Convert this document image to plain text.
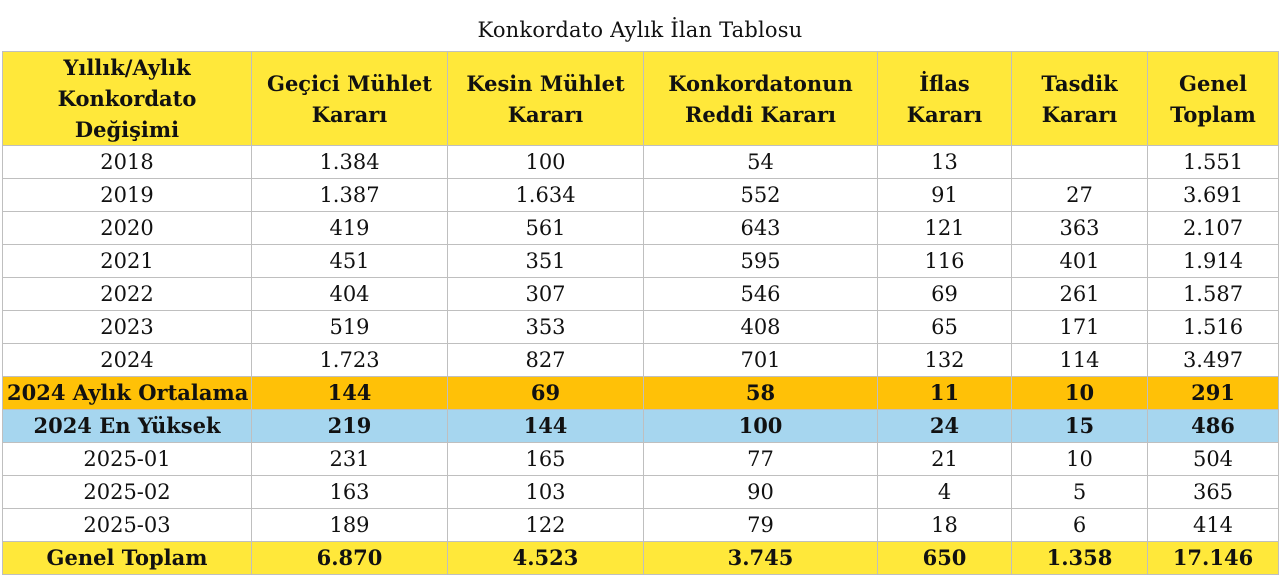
Konkordato Aylık İlan Tablosu
Yıllık/Aylık Konkordato Değişimi	Geçici Mühlet Kararı	Kesin Mühlet Kararı	Konkordatonun Reddi Kararı	İflas Kararı	Tasdik Kararı	Genel Toplam
2018	1.384	100	54	13		1.551
2019	1.387	1.634	552	91	27	3.691
2020	419	561	643	121	363	2.107
2021	451	351	595	116	401	1.914
2022	404	307	546	69	261	1.587
2023	519	353	408	65	171	1.516
2024	1.723	827	701	132	114	3.497
2024 Aylık Ortalama	144	69	58	11	10	291
2024 En Yüksek	219	144	100	24	15	486
2025-01	231	165	77	21	10	504
2025-02	163	103	90	4	5	365
2025-03	189	122	79	18	6	414
Genel Toplam	6.870	4.523	3.745	650	1.358	17.146
